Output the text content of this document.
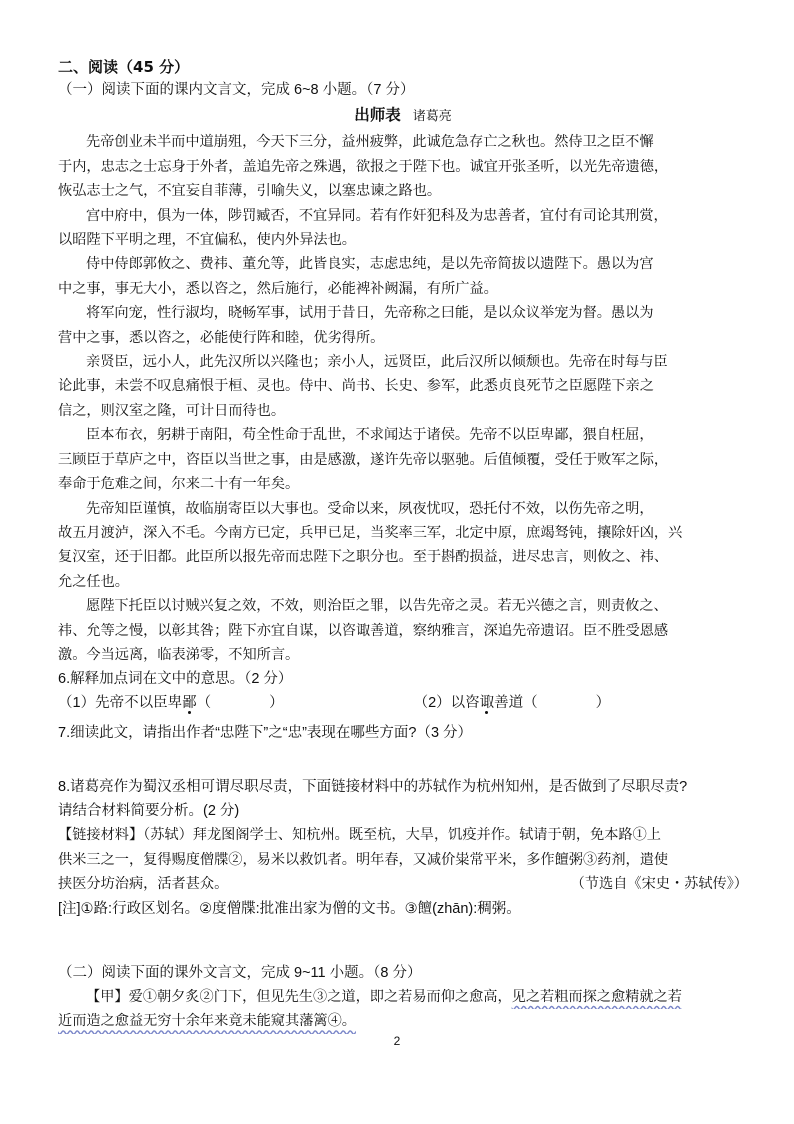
二、阅读（45 分）

（一）阅读下面的课内文言文，完成 6~8 小题。（7 分）

出师表 诸葛亮

先帝创业未半而中道崩殂，今天下三分，益州疲弊，此诚危急存亡之秋也。然侍卫之臣不懈

于内，忠志之士忘身于外者，盖追先帝之殊遇，欲报之于陛下也。诚宜开张圣听，以光先帝遗德，

恢弘志士之气，不宜妄自菲薄，引喻失义，以塞忠谏之路也。

宫中府中，俱为一体，陟罚臧否，不宜异同。若有作奸犯科及为忠善者，宜付有司论其刑赏，

以昭陛下平明之理，不宜偏私，使内外异法也。

侍中侍郎郭攸之、费祎、董允等，此皆良实，志虑忠纯，是以先帝简拔以遗陛下。愚以为宫

中之事，事无大小，悉以咨之，然后施行，必能裨补阙漏，有所广益。

将军向宠，性行淑均，晓畅军事，试用于昔日，先帝称之曰能，是以众议举宠为督。愚以为

营中之事，悉以咨之，必能使行阵和睦，优劣得所。

亲贤臣，远小人，此先汉所以兴隆也；亲小人，远贤臣，此后汉所以倾颓也。先帝在时每与臣

论此事，未尝不叹息痛恨于桓、灵也。侍中、尚书、长史、参军，此悉贞良死节之臣愿陛下亲之

信之，则汉室之隆，可计日而待也。

臣本布衣，躬耕于南阳，苟全性命于乱世，不求闻达于诸侯。先帝不以臣卑鄙，猥自枉屈，

三顾臣于草庐之中，咨臣以当世之事，由是感激，遂许先帝以驱驰。后值倾覆，受任于败军之际，

奉命于危难之间，尔来二十有一年矣。

先帝知臣谨慎，故临崩寄臣以大事也。受命以来，夙夜忧叹，恐托付不效，以伤先帝之明，

故五月渡泸，深入不毛。今南方已定，兵甲已足，当奖率三军，北定中原，庶竭驽钝，攘除奸凶，兴

复汉室，还于旧都。此臣所以报先帝而忠陛下之职分也。至于斟酌损益，进尽忠言，则攸之、祎、

允之任也。

愿陛下托臣以讨贼兴复之效，不效，则治臣之罪，以告先帝之灵。若无兴德之言，则责攸之、

祎、允等之慢，以彰其咎；陛下亦宜自谋，以咨诹善道，察纳雅言，深追先帝遗诏。臣不胜受恩感

激。今当远离，临表涕零，不知所言。

6.解释加点词在文中的意思。（2 分）

（1）先帝不以臣卑鄙（　　　　）	（2）以咨诹善道（　　　　）

7.细读此文，请指出作者“忠陛下”之“忠”表现在哪些方面?（3 分）

8.诸葛亮作为蜀汉丞相可谓尽职尽责，下面链接材料中的苏轼作为杭州知州，是否做到了尽职尽责?

请结合材料简要分析。(2 分)

【链接材料】（苏轼）拜龙图阁学士、知杭州。既至杭，大旱，饥疫并作。轼请于朝，免本路①上

供米三之一，复得赐度僧牒②，易米以救饥者。明年春，又减价粜常平米，多作饘粥③药剂，遣使

挟医分坊治病，活者甚众。	（节选自《宋史・苏轼传》）

[注]①路:行政区划名。②度僧牒:批准出家为僧的文书。③饘(zhān):稠粥。

（二）阅读下面的课外文言文，完成 9~11 小题。（8 分）

【甲】爱①朝夕炙②门下，但见先生③之道，即之若易而仰之愈高，见之若粗而探之愈精就之若

近而造之愈益无穷十余年来竟未能窥其藩篱④。

2
